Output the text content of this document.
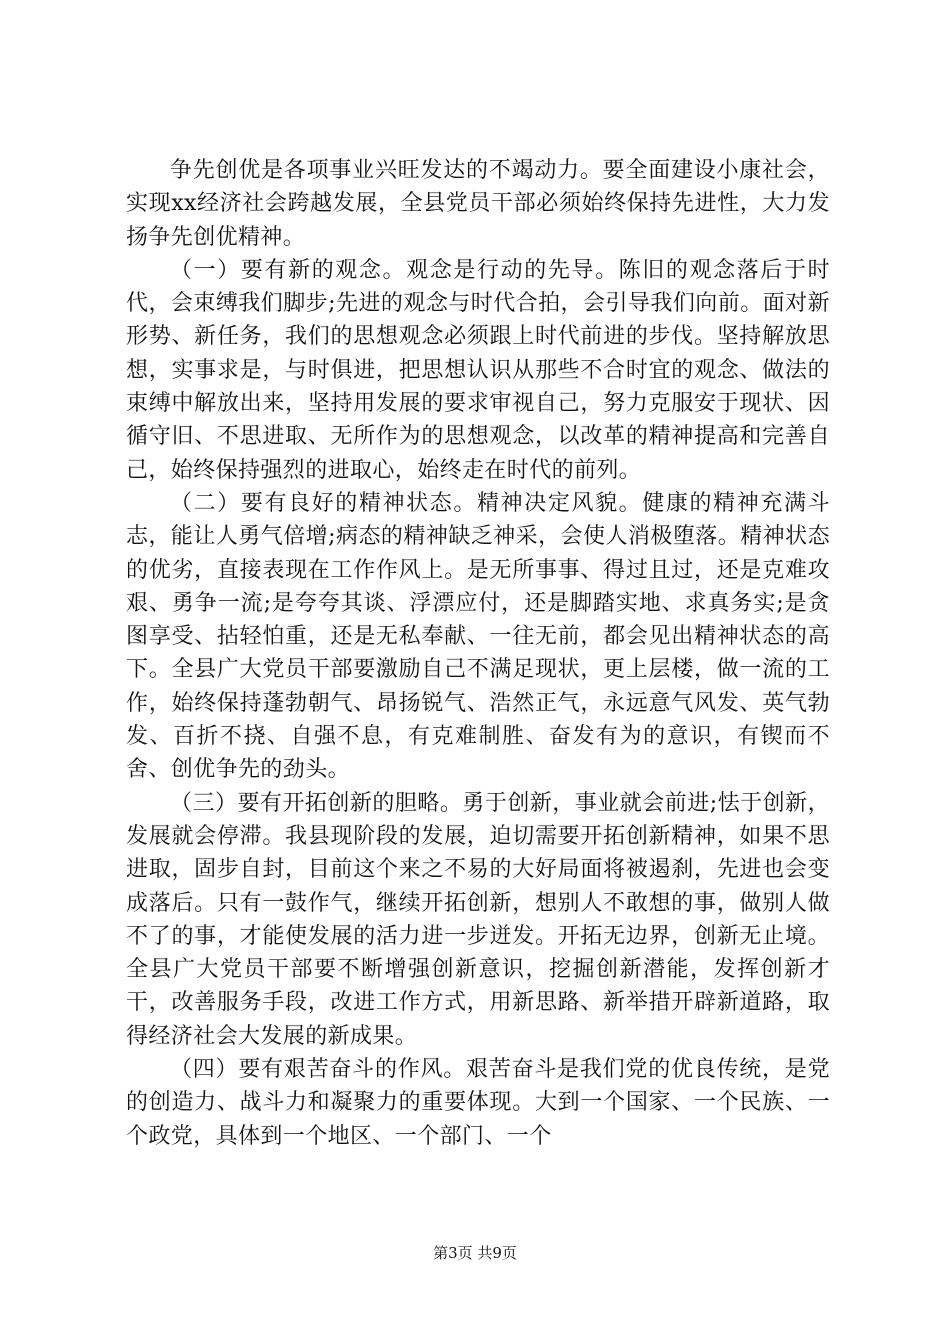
争先创优是各项事业兴旺发达的不竭动力。要全面建设小康社会，实现xx经济社会跨越发展，全县党员干部必须始终保持先进性，大力发扬争先创优精神。

（一）要有新的观念。观念是行动的先导。陈旧的观念落后于时代，会束缚我们脚步;先进的观念与时代合拍，会引导我们向前。面对新形势、新任务，我们的思想观念必须跟上时代前进的步伐。坚持解放思想，实事求是，与时俱进，把思想认识从那些不合时宜的观念、做法的束缚中解放出来，坚持用发展的要求审视自己，努力克服安于现状、因循守旧、不思进取、无所作为的思想观念，以改革的精神提高和完善自己，始终保持强烈的进取心，始终走在时代的前列。

（二）要有良好的精神状态。精神决定风貌。健康的精神充满斗志，能让人勇气倍增;病态的精神缺乏神采，会使人消极堕落。精神状态的优劣，直接表现在工作作风上。是无所事事、得过且过，还是克难攻艰、勇争一流;是夸夸其谈、浮漂应付，还是脚踏实地、求真务实;是贪图享受、拈轻怕重，还是无私奉献、一往无前，都会见出精神状态的高下。全县广大党员干部要激励自己不满足现状，更上层楼，做一流的工作，始终保持蓬勃朝气、昂扬锐气、浩然正气，永远意气风发、英气勃发、百折不挠、自强不息，有克难制胜、奋发有为的意识，有锲而不舍、创优争先的劲头。

（三）要有开拓创新的胆略。勇于创新，事业就会前进;怯于创新，发展就会停滞。我县现阶段的发展，迫切需要开拓创新精神，如果不思进取，固步自封，目前这个来之不易的大好局面将被遏刹，先进也会变成落后。只有一鼓作气，继续开拓创新，想别人不敢想的事，做别人做不了的事，才能使发展的活力进一步迸发。开拓无边界，创新无止境。全县广大党员干部要不断增强创新意识，挖掘创新潜能，发挥创新才干，改善服务手段，改进工作方式，用新思路、新举措开辟新道路，取得经济社会大发展的新成果。

（四）要有艰苦奋斗的作风。艰苦奋斗是我们党的优良传统，是党的创造力、战斗力和凝聚力的重要体现。大到一个国家、一个民族、一个政党，具体到一个地区、一个部门、一个

第3页 共9页
